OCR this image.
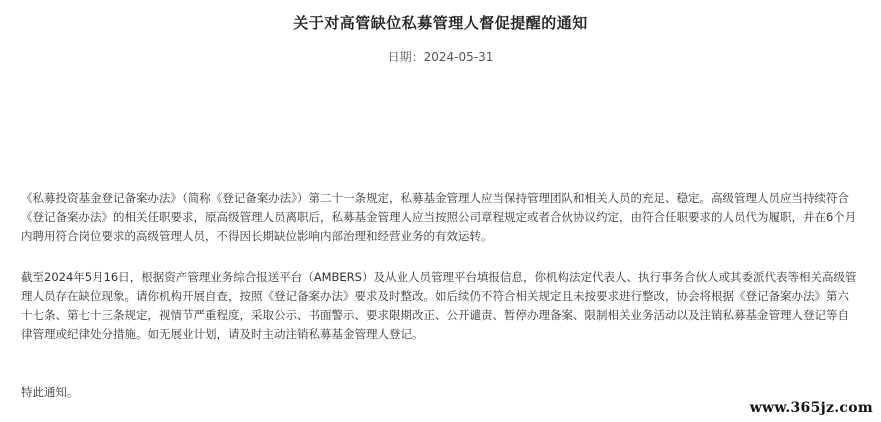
关于对高管缺位私募管理人督促提醒的通知
日期：2024-05-31

《私募投资基金登记备案办法》（简称《登记备案办法》）第二十一条规定，私募基金管理人应当保持管理团队和相关人员的充足、稳定。高级管理人员应当持续符合《登记备案办法》的相关任职要求，原高级管理人员离职后，私募基金管理人应当按照公司章程规定或者合伙协议约定，由符合任职要求的人员代为履职，并在6个月内聘用符合岗位要求的高级管理人员，不得因长期缺位影响内部治理和经营业务的有效运转。

截至2024年5月16日，根据资产管理业务综合报送平台（AMBERS）及从业人员管理平台填报信息，你机构法定代表人、执行事务合伙人或其委派代表等相关高级管理人员存在缺位现象。请你机构开展自查，按照《登记备案办法》要求及时整改。如后续仍不符合相关规定且未按要求进行整改，协会将根据《登记备案办法》第六十七条、第七十三条规定，视情节严重程度，采取公示、书面警示、要求限期改正、公开谴责、暂停办理备案、限制相关业务活动以及注销私募基金管理人登记等自律管理或纪律处分措施。如无展业计划，请及时主动注销私募基金管理人登记。

特此通知。

www.365jz.com
